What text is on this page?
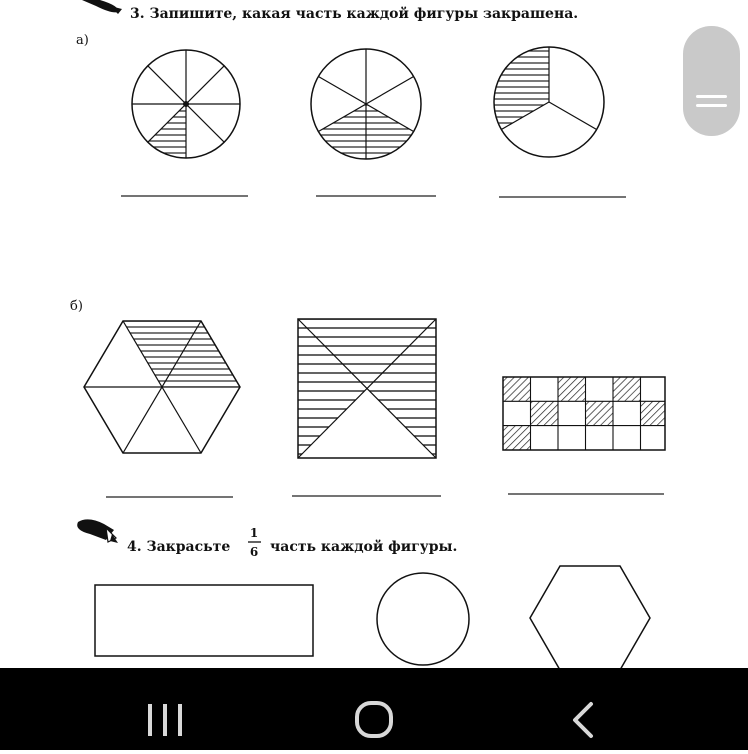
3. Запишите, какая часть каждой фигуры закрашена.
а)
б)
4. Закрасьте
1
6 часть каждой фигуры.
